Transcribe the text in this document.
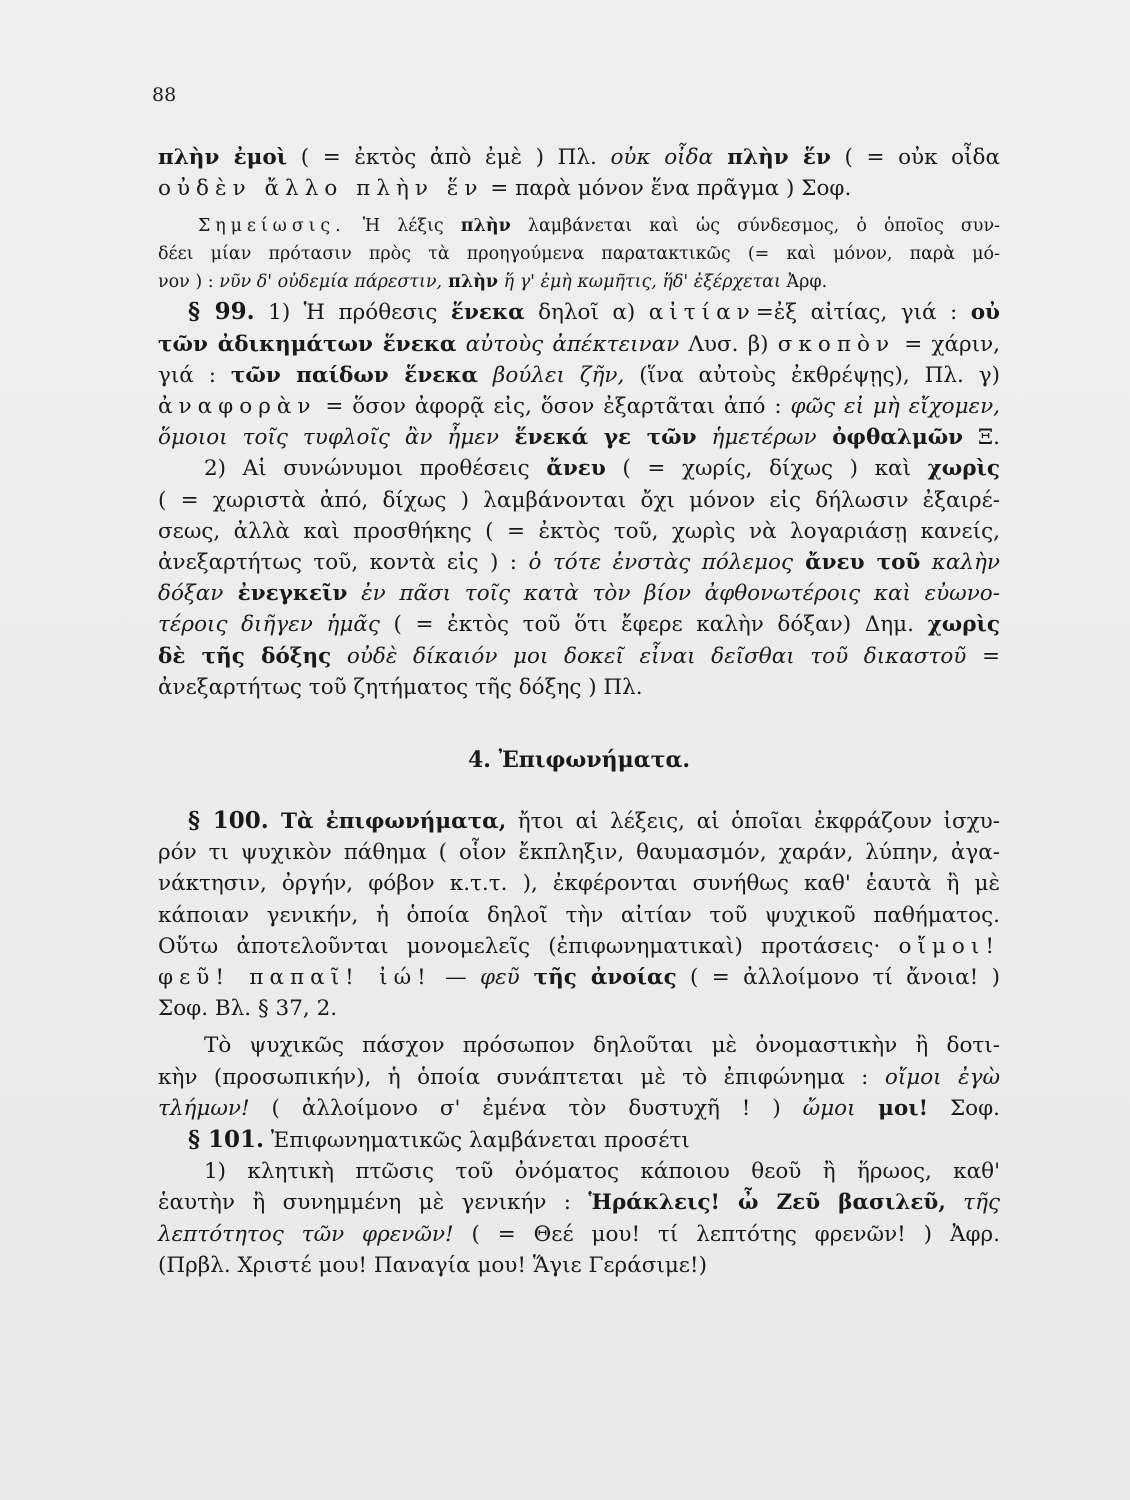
88
πλὴν ἐμοὶ ( = ἐκτὸς ἀπὸ ἐμὲ ) Πλ. οὐκ οἶδα πλὴν ἕν ( = οὐκ οἶδα
οὐδὲν ἄλλο πλὴν ἕν = παρὰ μόνον ἕνα πρᾶγμα ) Σοφ.
Σημείωσις. Ἡ λέξις πλὴν λαμβάνεται καὶ ὡς σύνδεσμος, ὁ ὁποῖος συν-
δέει μίαν πρότασιν πρὸς τὰ προηγούμενα παρατακτικῶς (= καὶ μόνον, παρὰ μό-
νον ) : νῦν δ' οὐδεμία πάρεστιν, πλὴν ἥ γ' ἐμὴ κωμῆτις, ἥδ' ἐξέρχεται Ἀρφ.
§ 99. 1) Ἡ πρόθεσις ἕνεκα δηλοῖ α) αἰτίαν=ἐξ αἰτίας, γιά : οὐ
τῶν ἀδικημάτων ἕνεκα αὐτοὺς ἀπέκτειναν Λυσ. β) σκοπὸν = χάριν,
γιά : τῶν παίδων ἕνεκα βούλει ζῆν, (ἵνα αὐτοὺς ἐκθρέψῃς), Πλ. γ)
ἀναφορὰν = ὅσον ἀφορᾷ εἰς, ὅσον ἐξαρτᾶται ἀπό : φῶς εἰ μὴ εἴχομεν,
ὅμοιοι τοῖς τυφλοῖς ἂν ἦμεν ἕνεκά γε τῶν ἡμετέρων ὀφθαλμῶν Ξ.
2) Αἱ συνώνυμοι προθέσεις ἄνευ ( = χωρίς, δίχως ) καὶ χωρὶς
( = χωριστὰ ἀπό, δίχως ) λαμβάνονται ὄχι μόνον εἰς δήλωσιν ἐξαιρέ-
σεως, ἀλλὰ καὶ προσθήκης ( = ἐκτὸς τοῦ, χωρὶς νὰ λογαριάσῃ κανείς,
ἀνεξαρτήτως τοῦ, κοντὰ εἰς ) : ὁ τότε ἐνστὰς πόλεμος ἄνευ τοῦ καλὴν
δόξαν ἐνεγκεῖν ἐν πᾶσι τοῖς κατὰ τὸν βίον ἀφθονωτέροις καὶ εὐωνο-
τέροις διῆγεν ἡμᾶς ( = ἐκτὸς τοῦ ὅτι ἔφερε καλὴν δόξαν) Δημ. χωρὶς
δὲ τῆς δόξης οὐδὲ δίκαιόν μοι δοκεῖ εἶναι δεῖσθαι τοῦ δικαστοῦ =
ἀνεξαρτήτως τοῦ ζητήματος τῆς δόξης ) Πλ.
4. Ἐπιφωνήματα.
§ 100. Τὰ ἐπιφωνήματα, ἤτοι αἱ λέξεις, αἱ ὁποῖαι ἐκφράζουν ἰσχυ-
ρόν τι ψυχικὸν πάθημα ( οἷον ἔκπληξιν, θαυμασμόν, χαράν, λύπην, ἀγα-
νάκτησιν, ὀργήν, φόβον κ.τ.τ. ), ἐκφέρονται συνήθως καθ' ἑαυτὰ ἢ μὲ
κάποιαν γενικήν, ἡ ὁποία δηλοῖ τὴν αἰτίαν τοῦ ψυχικοῦ παθήματος.
Οὕτω ἀποτελοῦνται μονομελεῖς (ἐπιφωνηματικαὶ) προτάσεις· οἴμοι!
φεῦ! παπαῖ! ἰώ! — φεῦ τῆς ἀνοίας ( = ἀλλοίμονο τί ἄνοια! )
Σοφ. Βλ. § 37, 2.
Τὸ ψυχικῶς πάσχον πρόσωπον δηλοῦται μὲ ὀνομαστικὴν ἢ δοτι-
κὴν (προσωπικήν), ἡ ὁποία συνάπτεται μὲ τὸ ἐπιφώνημα : οἴμοι ἐγὼ
τλήμων! ( ἀλλοίμονο σ' ἐμένα τὸν δυστυχῆ ! ) ὤμοι μοι! Σοφ.
§ 101. Ἐπιφωνηματικῶς λαμβάνεται προσέτι
1) κλητικὴ πτῶσις τοῦ ὀνόματος κάποιου θεοῦ ἢ ἥρωος, καθ'
ἑαυτὴν ἢ συνημμένη μὲ γενικήν : Ἡράκλεις! ὦ Ζεῦ βασιλεῦ, τῆς
λεπτότητος τῶν φρενῶν! ( = Θεέ μου! τί λεπτότης φρενῶν! ) Ἀφρ.
(Πρβλ. Χριστέ μου! Παναγία μου! Ἅγιε Γεράσιμε!)
